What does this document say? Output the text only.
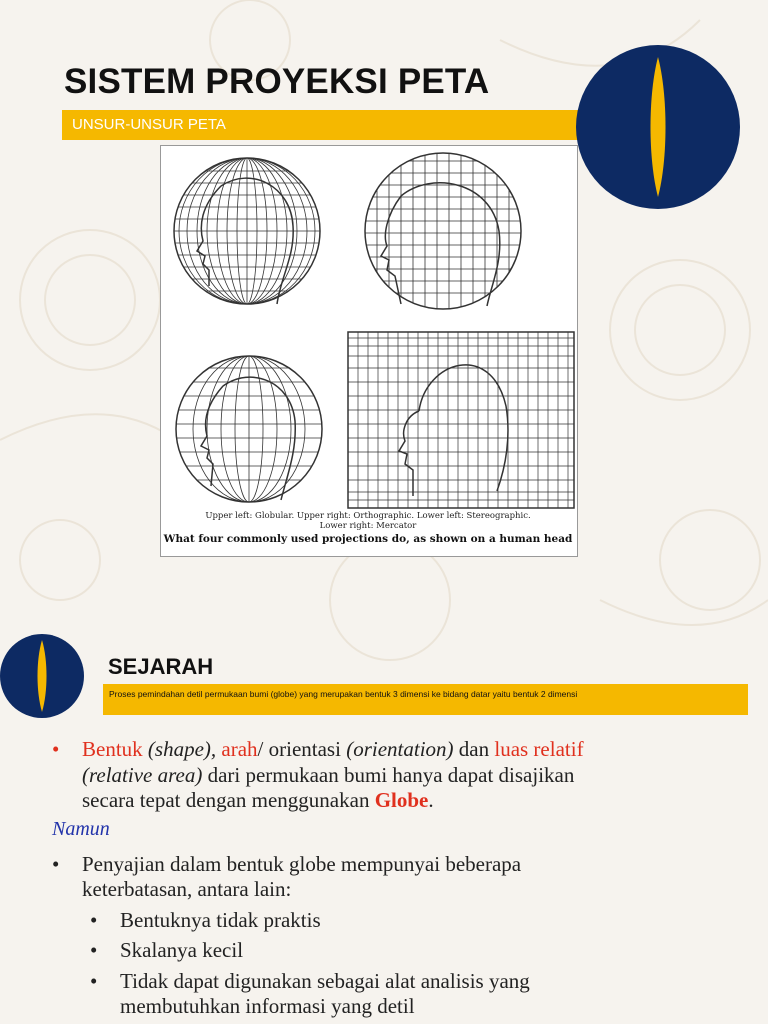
SISTEM PROYEKSI PETA
UNSUR-UNSUR PETA
Upper left: Globular. Upper right: Orthographic. Lower left: Stereographic.
Lower right: Mercator
What four commonly used projections do, as shown on a human head
SEJARAH
Proses pemindahan detil permukaan bumi (globe) yang merupakan bentuk 3 dimensi ke bidang datar yaitu bentuk 2 dimensi
• Bentuk (shape), arah/ orientasi (orientation) dan luas relatif
(relative area) dari permukaan bumi hanya dapat disajikan
secara tepat dengan menggunakan Globe.
Namun
• Penyajian dalam bentuk globe mempunyai beberapa
keterbatasan, antara lain:
• Bentuknya tidak praktis
• Skalanya kecil
• Tidak dapat digunakan sebagai alat analisis yang
membutuhkan informasi yang detil
